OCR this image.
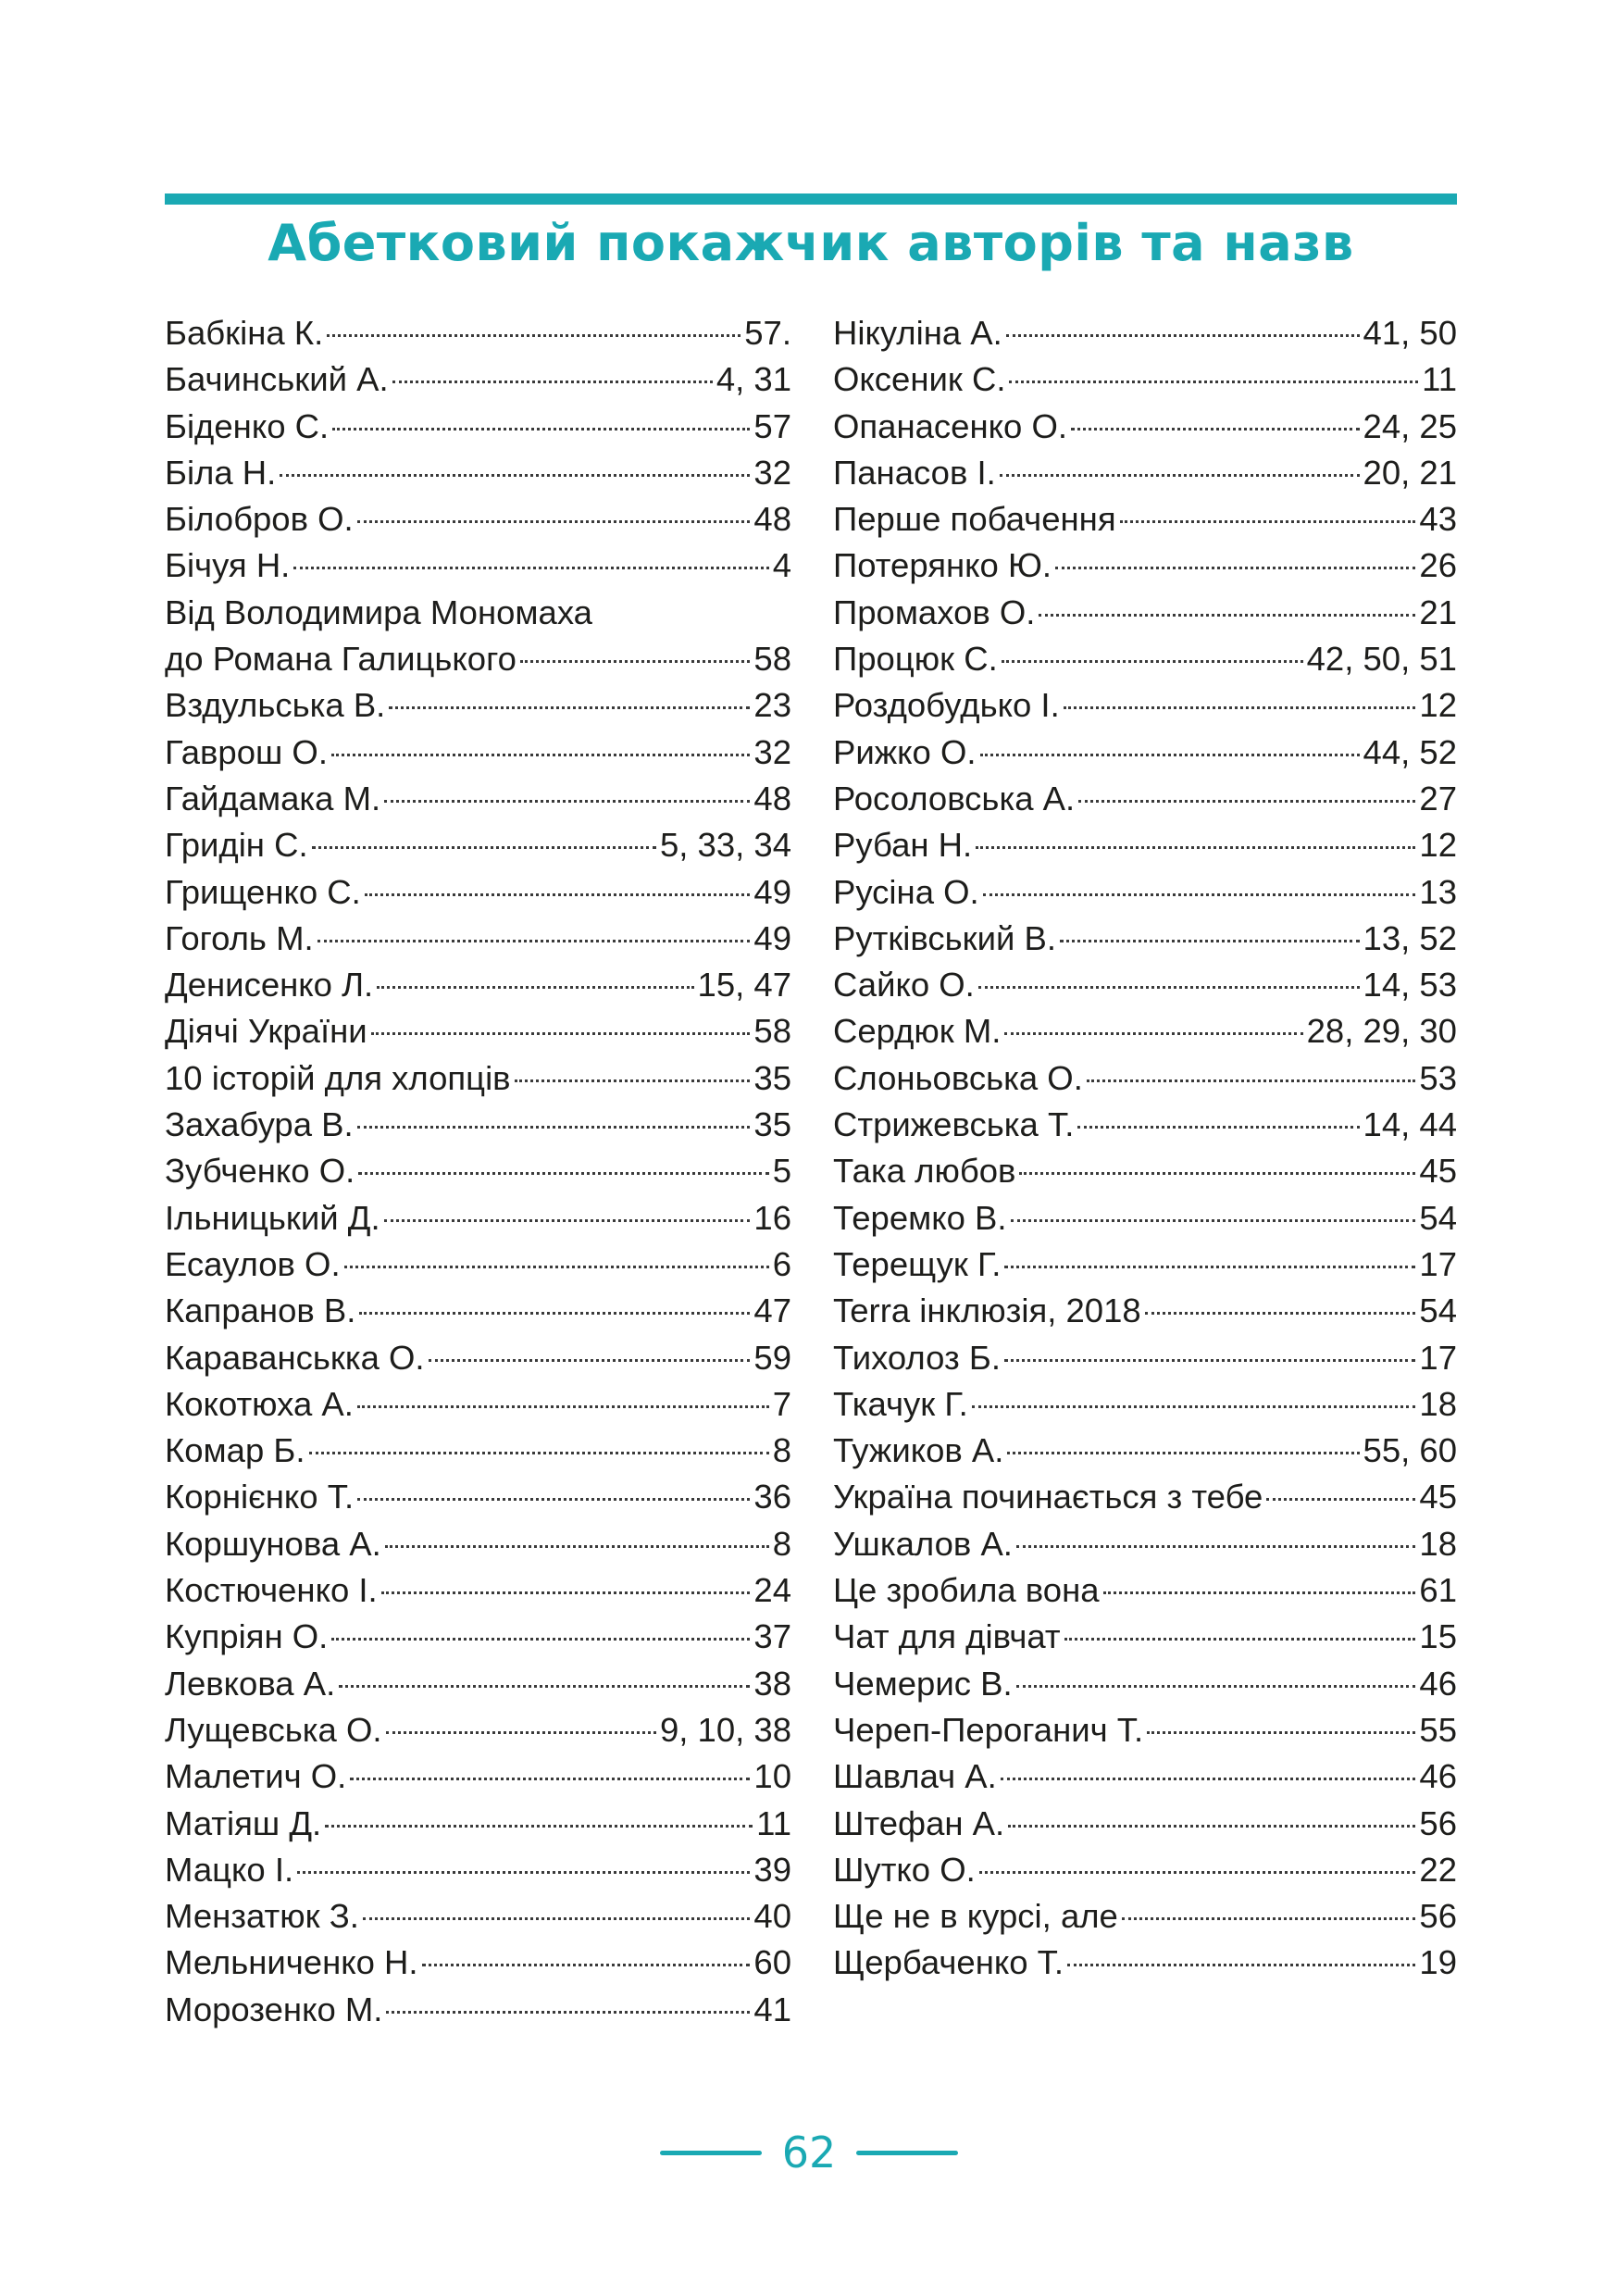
Абетковий покажчик авторів та назв
Бабкіна К.	57.
Бачинський А.	4, 31
Біденко С.	57
Біла Н.	32
Білобров О.	48
Бічуя Н.	4
Від Володимира Мономаха
до Романа Галицького	58
Вздульська В.	23
Гаврош О.	32
Гайдамака М.	48
Гридін С.	5, 33, 34
Грищенко С.	49
Гоголь М.	49
Денисенко Л.	15, 47
Діячі України	58
10 історій для хлопців	35
Захабура В.	35
Зубченко О.	5
Ільницький Д.	16
Есаулов О.	6
Капранов В.	47
Караванськка О.	59
Кокотюха А.	7
Комар Б.	8
Корнієнко Т.	36
Коршунова А.	8
Костюченко І.	24
Купріян О.	37
Левкова А.	38
Лущевська О.	9, 10, 38
Малетич О.	10
Матіяш Д.	11
Мацко І.	39
Мензатюк З.	40
Мельниченко Н.	60
Морозенко М.	41
Нікуліна А.	41, 50
Оксеник С.	11
Опанасенко О.	24, 25
Панасов І.	20, 21
Перше побачення	43
Потерянко Ю.	26
Промахов О.	21
Процюк С.	42, 50, 51
Роздобудько І.	12
Рижко О.	44, 52
Росоловська А.	27
Рубан Н.	12
Русіна О.	13
Рутківський В.	13, 52
Сайко О.	14, 53
Сердюк М.	28, 29, 30
Слоньовська О.	53
Стрижевська Т.	14, 44
Така любов	45
Теремко В.	54
Терещук Г.	17
Terra інклюзія, 2018	54
Тихолоз Б.	17
Ткачук Г.	18
Тужиков А.	55, 60
Україна починається з тебе	45
Ушкалов А.	18
Це зробила вона	61
Чат для дівчат	15
Чемерис В.	46
Череп-Пероганич Т.	55
Шавлач А.	46
Штефан А.	56
Шутко О.	22
Ще не в курсі, але	56
Щербаченко Т.	19
62
